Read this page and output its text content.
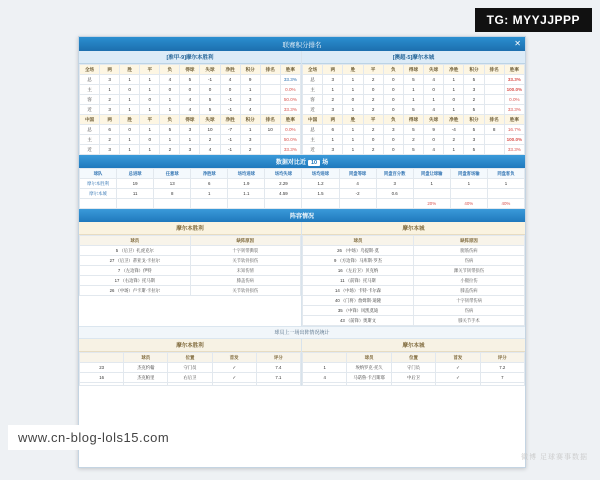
TG: MYYJJPPP
www.cn-blog-lols15.com
微博 足球赛事数据
联赛积分排名	✕
[准甲-9]摩尔本胜利
全场	两	胜	平	负	得球	失球	净胜	积分	排名	胜率
总	3	1	1	4	5	-1	4	9		33.3%
主	1	0	1	0	0	0	0	1		0.0%
客	2	1	0	1	4	5	-1	3		50.0%
近	3	1	1	1	4	5	-1	4		33.3%
中国	两	胜	平	负	得球	失球	净胜	积分	排名	胜率
总	6	0	1	5	3	10	-7	1	10	0.0%
主	2	1	0	1	1	2	-1	3		50.0%
近	3	1	1	2	3	4	-1	2		33.3%
[澳超-5]摩尔本城
全场	两	胜	平	负	得球	失球	净胜	积分	排名	胜率
总	3	1	2	0	5	4	1	5		33.3%
主	1	1	0	0	1	0	1	3		100.0%
客	2	0	2	0	1	1	0	2		0.0%
近	3	1	2	0	5	4	1	5		33.3%
中国	两	胜	平	负	得球	失球	净胜	积分	排名	胜率
总	6	1	2	3	5	9	-4	5	8	16.7%
主	1	1	0	0	2	0	2	3		100.0%
近	3	1	2	0	5	4	1	5		33.3%
数据对比近 10 场
球队	总进球	任意球	净胜球	场均进球	场均失球	场均进球	同盘等球	同盘百分数	同盘让球输	同盘客场输	同盘客负
摩尔本胜利	19	13	6	1.9	2.29	1.2	4	3	1	1	1
摩尔本城	11	8	1	1.1	4.59	1.5	-2	0.6			
									20%	40%	40%
阵容情况
摩尔本胜利
球员	缺阵原因
5 （后卫）扎虎克尔	十字韧带撕裂
27 （后卫）蒂亚戈·卡拉尔	关节软骨损伤
7 （左边锋）伊特	未知伤情
17 （右边锋）托马斯	膝盖伤病
26 （中场）卢卡斯·卡拉尔	关节软骨损伤
摩尔本城
球员	缺阵原因
26 （中场）乌提斯·莫	腿筋伤病
9 （方边锋）马库斯·罗杰	伤病
16 （左后卫）贝克纳	踝关节韧带损伤
11 （前锋）托马斯	小腿拉伤
14 （中场）卡特·卡尔森	膝盖伤病
40 （门将）詹姆斯·迪隆	十字韧带伤病
35 （中锋）风凯莫迪	伤病
43 （前锋）奥斯文	膝关节手术
球员上一场出阵情况统计
摩尔本胜利
	球员	位置	首发	评分
23	杰克约翰	守门员	✓	7.4
16	杰克帕里	右后卫	✓	7.1

摩尔本城
	球员	位置	首发	评分
1	埃纳罗克·托久	守门员	✓	7.2
4	马诺鲁·卡吕斯耶	中后卫	✓	7
